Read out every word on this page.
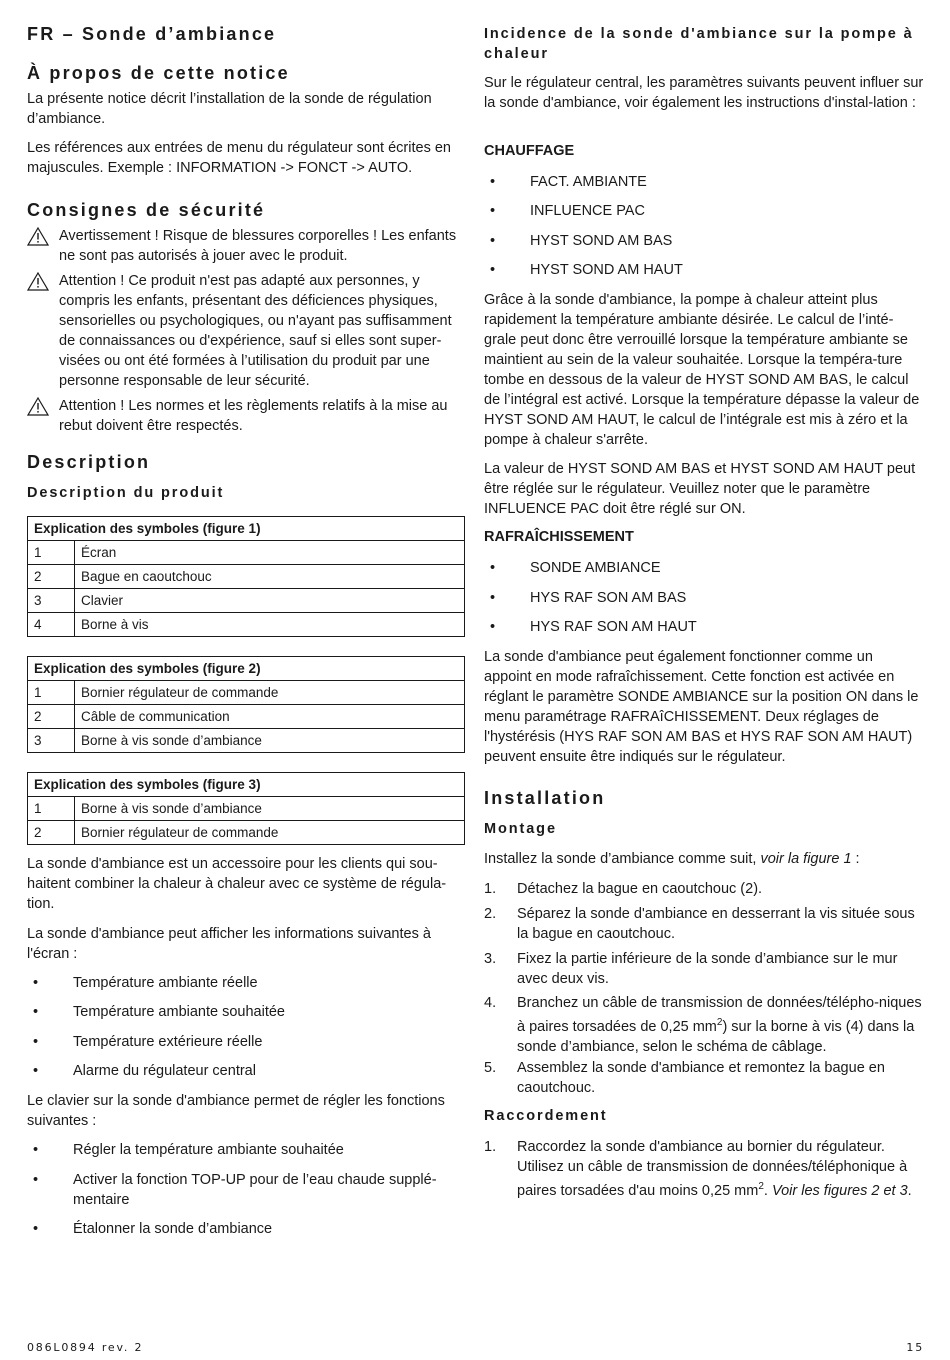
FR – Sonde d’ambiance
À propos de cette notice

La présente notice décrit l’installation de la sonde de régulation d’ambiance.

Les références aux entrées de menu du régulateur sont écrites en majuscules. Exemple : INFORMATION -> FONCT -> AUTO.

Consignes de sécurité
Avertissement ! Risque de blessures corporelles ! Les enfants ne sont pas autorisés à jouer avec le produit.
Attention ! Ce produit n'est pas adapté aux personnes, y compris les enfants, présentant des déficiences physiques, sensorielles ou psychologiques, ou n'ayant pas suffisamment de connaissances ou d'expérience, sauf si elles sont super-visées ou ont été formées à l’utilisation du produit par une personne responsable de leur sécurité.
Attention ! Les normes et les règlements relatifs à la mise au rebut doivent être respectés.
Description
Description du produit
Explication des symboles (figure 1)	
1	Écran
2	Bague en caoutchouc
3	Clavier
4	Borne à vis
Explication des symboles (figure 2)	
1	Bornier régulateur de commande
2	Câble de communication
3	Borne à vis sonde d’ambiance
Explication des symboles (figure 3)	
1	Borne à vis sonde d’ambiance
2	Bornier régulateur de commande

La sonde d'ambiance est un accessoire pour les clients qui sou-haitent combiner la chaleur à chaleur avec ce système de régula-tion.

La sonde d'ambiance peut afficher les informations suivantes à l'écran :

• Température ambiante réelle
• Température ambiante souhaitée
• Température extérieure réelle
• Alarme du régulateur central

Le clavier sur la sonde d'ambiance permet de régler les fonctions suivantes :

• Régler la température ambiante souhaitée
• Activer la fonction TOP-UP pour de l’eau chaude supplé-mentaire
• Étalonner la sonde d’ambiance
Incidence de la sonde d'ambiance sur la pompe à chaleur

Sur le régulateur central, les paramètres suivants peuvent influer sur la sonde d'ambiance, voir également les instructions d'instal-lation :

CHAUFFAGE
• FACT. AMBIANTE
• INFLUENCE PAC
• HYST SOND AM BAS
• HYST SOND AM HAUT

Grâce à la sonde d'ambiance, la pompe à chaleur atteint plus rapidement la température ambiante désirée. Le calcul de l’inté-grale peut donc être verrouillé lorsque la température ambiante se maintient au sein de la valeur souhaitée. Lorsque la tempéra-ture tombe en dessous de la valeur de HYST SOND AM BAS, le calcul de l’intégral est activé. Lorsque la température dépasse la valeur de HYST SOND AM HAUT, le calcul de l’intégrale est mis à zéro et la pompe à chaleur s'arrête.

La valeur de HYST SOND AM BAS et HYST SOND AM HAUT peut être réglée sur le régulateur. Veuillez noter que le paramètre INFLUENCE PAC doit être réglé sur ON.

RAFRAÎCHISSEMENT
• SONDE AMBIANCE
• HYS RAF SON AM BAS
• HYS RAF SON AM HAUT

La sonde d'ambiance peut également fonctionner comme un appoint en mode rafraîchissement. Cette fonction est activée en réglant le paramètre SONDE AMBIANCE sur la position ON dans le menu paramétrage RAFRAîCHISSEMENT. Deux réglages de l'hystérésis (HYS RAF SON AM BAS et HYS RAF SON AM HAUT) peuvent ensuite être indiqués sur le régulateur.

Installation
Montage

Installez la sonde d’ambiance comme suit, voir la figure 1 :

1. Détachez la bague en caoutchouc (2).
2. Séparez la sonde d'ambiance en desserrant la vis située sous la bague en caoutchouc.
3. Fixez la partie inférieure de la sonde d’ambiance sur le mur avec deux vis.
4. Branchez un câble de transmission de données/télépho-niques à paires torsadées de 0,25 $mm^2$) sur la borne à vis (4) dans la sonde d’ambiance, selon le schéma de câblage.
5. Assemblez la sonde d'ambiance et remontez la bague en caoutchouc.
Raccordement
1. Raccordez la sonde d'ambiance au bornier du régulateur. Utilisez un câble de transmission de données/téléphonique à paires torsadées d'au moins 0,25 $mm^2$. Voir les figures 2 et 3.
086L0894 rev. 2	15
